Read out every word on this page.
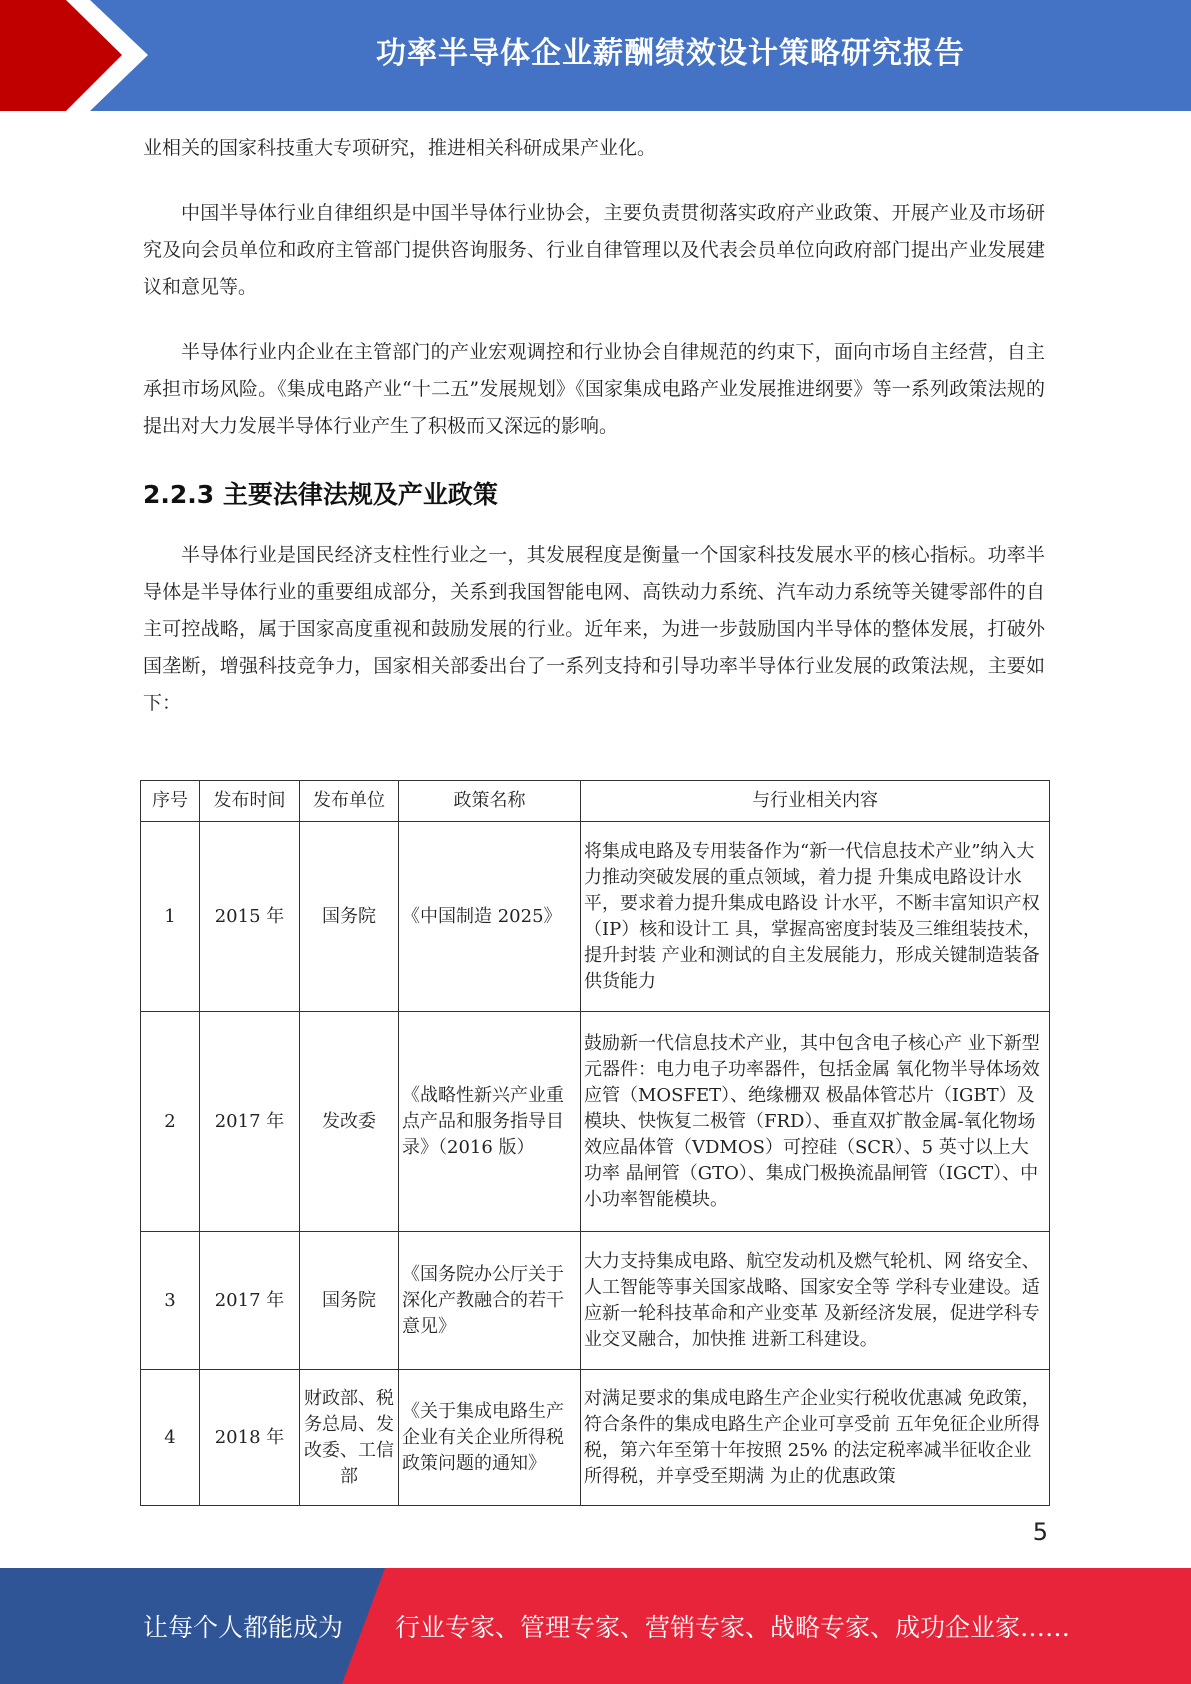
功率半导体企业薪酬绩效设计策略研究报告

业相关的国家科技重大专项研究，推进相关科研成果产业化。

中国半导体行业自律组织是中国半导体行业协会，主要负责贯彻落实政府产业政策、开展产业及市场研究及向会员单位和政府主管部门提供咨询服务、行业自律管理以及代表会员单位向政府部门提出产业发展建议和意见等。

半导体行业内企业在主管部门的产业宏观调控和行业协会自律规范的约束下，面向市场自主经营，自主承担市场风险。《集成电路产业“十二五”发展规划》《国家集成电路产业发展推进纲要》等一系列政策法规的提出对大力发展半导体行业产生了积极而又深远的影响。

2.2.3 主要法律法规及产业政策

半导体行业是国民经济支柱性行业之一，其发展程度是衡量一个国家科技发展水平的核心指标。功率半导体是半导体行业的重要组成部分，关系到我国智能电网、高铁动力系统、汽车动力系统等关键零部件的自主可控战略，属于国家高度重视和鼓励发展的行业。近年来，为进一步鼓励国内半导体的整体发展，打破外国垄断，增强科技竞争力，国家相关部委出台了一系列支持和引导功率半导体行业发展的政策法规，主要如下：

序号	发布时间	发布单位	政策名称	与行业相关内容
1	2015 年	国务院	《中国制造 2025》	将集成电路及专用装备作为“新一代信息技术产业”纳入大力推动突破发展的重点领域，着力提 升集成电路设计水平，要求着力提升集成电路设 计水平，不断丰富知识产权（IP）核和设计工 具，掌握高密度封装及三维组装技术，提升封装 产业和测试的自主发展能力，形成关键制造装备 供货能力
2	2017 年	发改委	《战略性新兴产业重点产品和服务指导目录》（2016 版）	鼓励新一代信息技术产业，其中包含电子核心产 业下新型元器件：电力电子功率器件，包括金属 氧化物半导体场效应管（MOSFET）、绝缘栅双 极晶体管芯片（IGBT）及模块、快恢复二极管（FRD）、垂直双扩散金属-氧化物场效应晶体管（VDMOS）可控硅（SCR）、5 英寸以上大功率 晶闸管（GTO）、集成门极换流晶闸管（IGCT）、中小功率智能模块。
3	2017 年	国务院	《国务院办公厅关于深化产教融合的若干意见》	大力支持集成电路、航空发动机及燃气轮机、网 络安全、人工智能等事关国家战略、国家安全等 学科专业建设。适应新一轮科技革命和产业变革 及新经济发展，促进学科专业交叉融合，加快推 进新工科建设。
4	2018 年	财政部、税务总局、发改委、工信部	《关于集成电路生产企业有关企业所得税政策问题的通知》	对满足要求的集成电路生产企业实行税收优惠减 免政策，符合条件的集成电路生产企业可享受前 五年免征企业所得税，第六年至第十年按照 25% 的法定税率减半征收企业所得税，并享受至期满 为止的优惠政策
5
让每个人都能成为 行业专家、管理专家、营销专家、战略专家、成功企业家……
